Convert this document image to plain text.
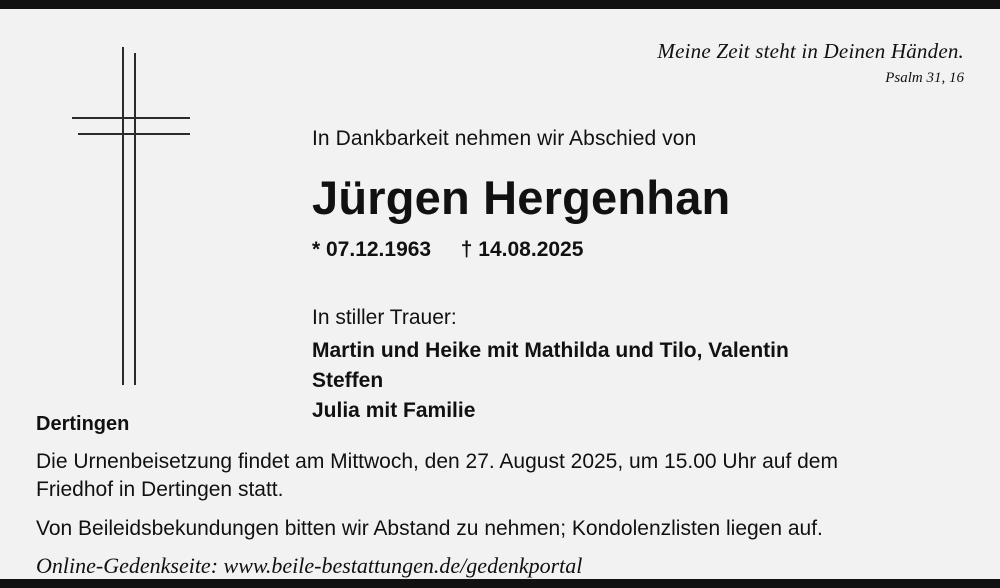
Meine Zeit steht in Deinen Händen.
Psalm 31, 16
In Dankbarkeit nehmen wir Abschied von
Jürgen Hergenhan
* 07.12.1963 † 14.08.2025
In stiller Trauer:
Martin und Heike mit Mathilda und Tilo, Valentin
Steffen
Julia mit Familie
Dertingen
Die Urnenbeisetzung findet am Mittwoch, den 27. August 2025, um 15.00 Uhr auf dem Friedhof in Dertingen statt.
Von Beileidsbekundungen bitten wir Abstand zu nehmen; Kondolenzlisten liegen auf.
Online-Gedenkseite: www.beile-bestattungen.de/gedenkportal
